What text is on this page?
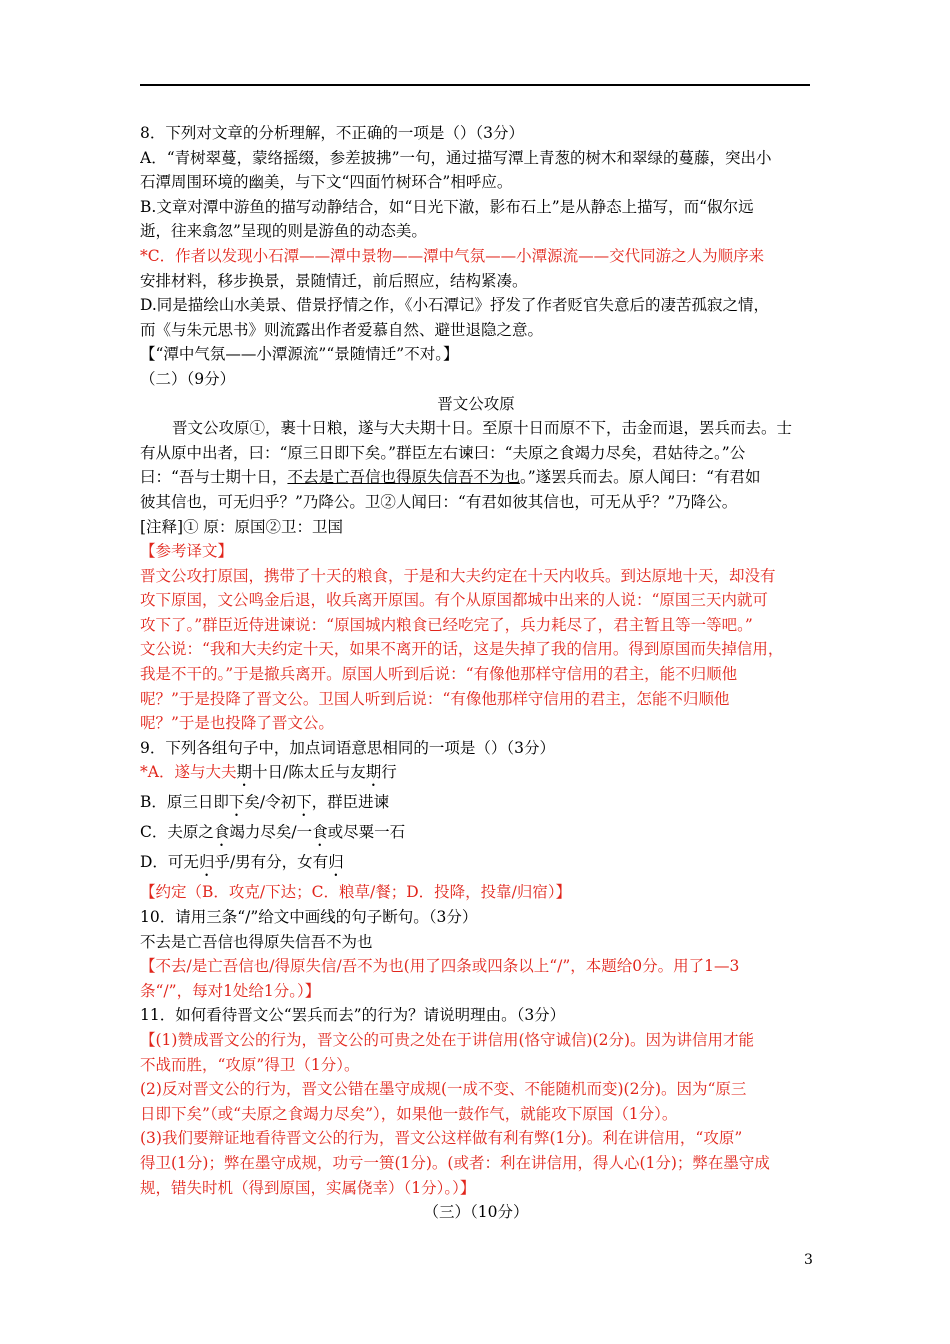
8．下列对文章的分析理解，不正确的一项是（）（3分）
A．“青树翠蔓，蒙络摇缀，参差披拂”一句，通过描写潭上青葱的树木和翠绿的蔓藤，突出小
石潭周围环境的幽美，与下文“四面竹树环合”相呼应。
B.文章对潭中游鱼的描写动静结合，如“日光下澈，影布石上”是从静态上描写，而“俶尔远
逝，往来翕忽”呈现的则是游鱼的动态美。
*C．作者以发现小石潭——潭中景物——潭中气氛——小潭源流——交代同游之人为顺序来
安排材料，移步换景，景随情迁，前后照应，结构紧凑。
D.同是描绘山水美景、借景抒情之作，《小石潭记》抒发了作者贬官失意后的凄苦孤寂之情，
而《与朱元思书》则流露出作者爱慕自然、避世退隐之意。
【“潭中气氛——小潭源流”“景随情迁”不对。】
（二）（9分）
晋文公攻原
晋文公攻原①，裹十日粮，遂与大夫期十日。至原十日而原不下，击金而退，罢兵而去。士
有从原中出者，曰：“原三日即下矣。”群臣左右谏曰：“夫原之食竭力尽矣，君姑待之。”公
曰：“吾与士期十日，不去是亡吾信也得原失信吾不为也。”遂罢兵而去。原人闻曰：“有君如
彼其信也，可无归乎？”乃降公。卫②人闻曰：“有君如彼其信也，可无从乎？”乃降公。
[注释]① 原：原国②卫：卫国
【参考译文】
晋文公攻打原国，携带了十天的粮食，于是和大夫约定在十天内收兵。到达原地十天，却没有
攻下原国，文公鸣金后退，收兵离开原国。有个从原国都城中出来的人说：“原国三天内就可
攻下了。”群臣近侍进谏说：“原国城内粮食已经吃完了，兵力耗尽了，君主暂且等一等吧。”
文公说：“我和大夫约定十天，如果不离开的话，这是失掉了我的信用。得到原国而失掉信用，
我是不干的。”于是撤兵离开。原国人听到后说：“有像他那样守信用的君主，能不归顺他
呢？”于是投降了晋文公。卫国人听到后说：“有像他那样守信用的君主，怎能不归顺他
呢？”于是也投降了晋文公。
9．下列各组句子中，加点词语意思相同的一项是（）（3分）
*A．遂与大夫期十日/陈太丘与友期行
B．原三日即下矣/令初下，群臣进谏
C．夫原之食竭力尽矣/一食或尽粟一石
D．可无归乎/男有分，女有归
【约定（B．攻克/下达；C．粮草/餐；D．投降，投靠/归宿）】
10．请用三条“/”给文中画线的句子断句。（3分）
不去是亡吾信也得原失信吾不为也
【不去/是亡吾信也/得原失信/吾不为也(用了四条或四条以上“/”，本题给0分。用了1—3
条“/”，每对1处给1分。）】
11．如何看待晋文公“罢兵而去”的行为？请说明理由。（3分）
【(1)赞成晋文公的行为，晋文公的可贵之处在于讲信用(恪守诚信)(2分)。因为讲信用才能
不战而胜，“攻原”得卫（1分）。
(2)反对晋文公的行为，晋文公错在墨守成规(一成不变、不能随机而变)(2分)。因为“原三
日即下矣”（或“夫原之食竭力尽矣”），如果他一鼓作气，就能攻下原国（1分）。
(3)我们要辩证地看待晋文公的行为，晋文公这样做有利有弊(1分)。利在讲信用，“攻原”
得卫(1分)；弊在墨守成规，功亏一篑(1分)。(或者：利在讲信用，得人心(1分)；弊在墨守成
规，错失时机（得到原国，实属侥幸）（1分）。）】
（三）（10分）
3
